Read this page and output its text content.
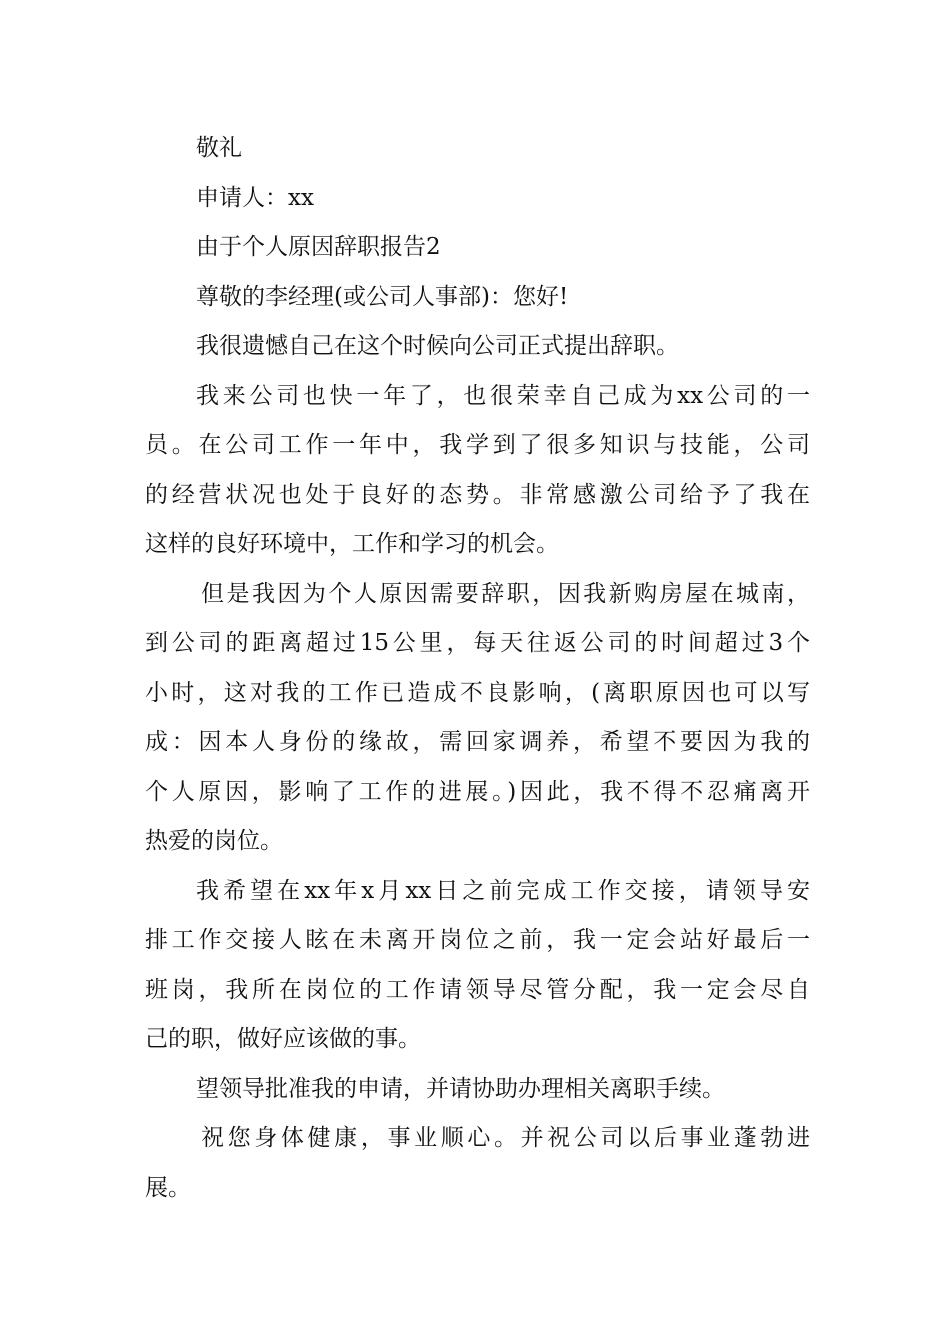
敬礼
申请人：xx
由于个人原因辞职报告2
尊敬的李经理(或公司人事部)：您好!
我很遗憾自己在这个时候向公司正式提出辞职。
我来公司也快一年了，也很荣幸自己成为xx公司的一
员。在公司工作一年中，我学到了很多知识与技能，公司
的经营状况也处于良好的态势。非常感激公司给予了我在
这样的良好环境中，工作和学习的机会。
但是我因为个人原因需要辞职，因我新购房屋在城南，
到公司的距离超过15公里，每天往返公司的时间超过3个
小时，这对我的工作已造成不良影响，(离职原因也可以写
成：因本人身份的缘故，需回家调养，希望不要因为我的
个人原因，影响了工作的进展。)因此，我不得不忍痛离开
热爱的岗位。
我希望在xx年x月xx日之前完成工作交接，请领导安
排工作交接人眩在未离开岗位之前，我一定会站好最后一
班岗，我所在岗位的工作请领导尽管分配，我一定会尽自
己的职，做好应该做的事。
望领导批准我的申请，并请协助办理相关离职手续。
祝您身体健康，事业顺心。并祝公司以后事业蓬勃进
展。
